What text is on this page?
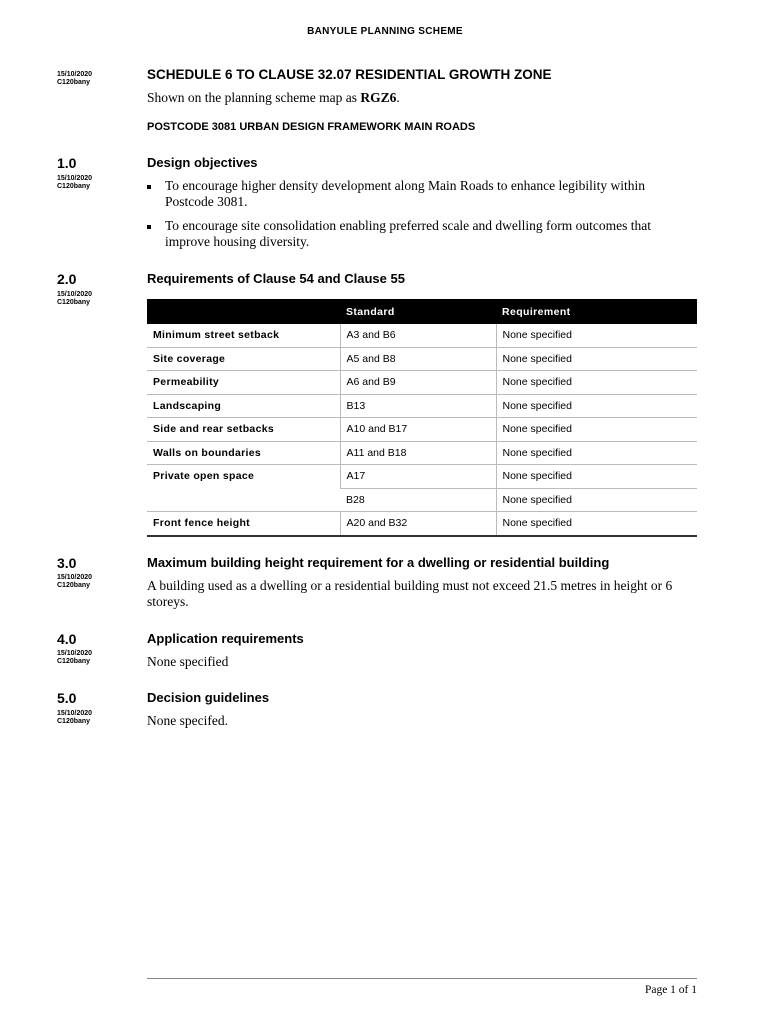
BANYULE PLANNING SCHEME
15/10/2020
C120bany
SCHEDULE 6 TO CLAUSE 32.07 RESIDENTIAL GROWTH ZONE
Shown on the planning scheme map as RGZ6.
POSTCODE 3081 URBAN DESIGN FRAMEWORK MAIN ROADS
1.0
15/10/2020
C120bany
Design objectives
To encourage higher density development along Main Roads to enhance legibility within Postcode 3081.
To encourage site consolidation enabling preferred scale and dwelling form outcomes that improve housing diversity.
2.0
15/10/2020
C120bany
Requirements of Clause 54 and Clause 55
	Standard	Requirement
Minimum street setback	A3 and B6	None specified
Site coverage	A5 and B8	None specified
Permeability	A6 and B9	None specified
Landscaping	B13	None specified
Side and rear setbacks	A10 and B17	None specified
Walls on boundaries	A11 and B18	None specified
Private open space	A17	None specified
	B28	None specified
Front fence height	A20 and B32	None specified
3.0
15/10/2020
C120bany
Maximum building height requirement for a dwelling or residential building
A building used as a dwelling or a residential building must not exceed 21.5 metres in height or 6 storeys.
4.0
15/10/2020
C120bany
Application requirements
None specified
5.0
15/10/2020
C120bany
Decision guidelines
None specifed.
Page 1 of 1
